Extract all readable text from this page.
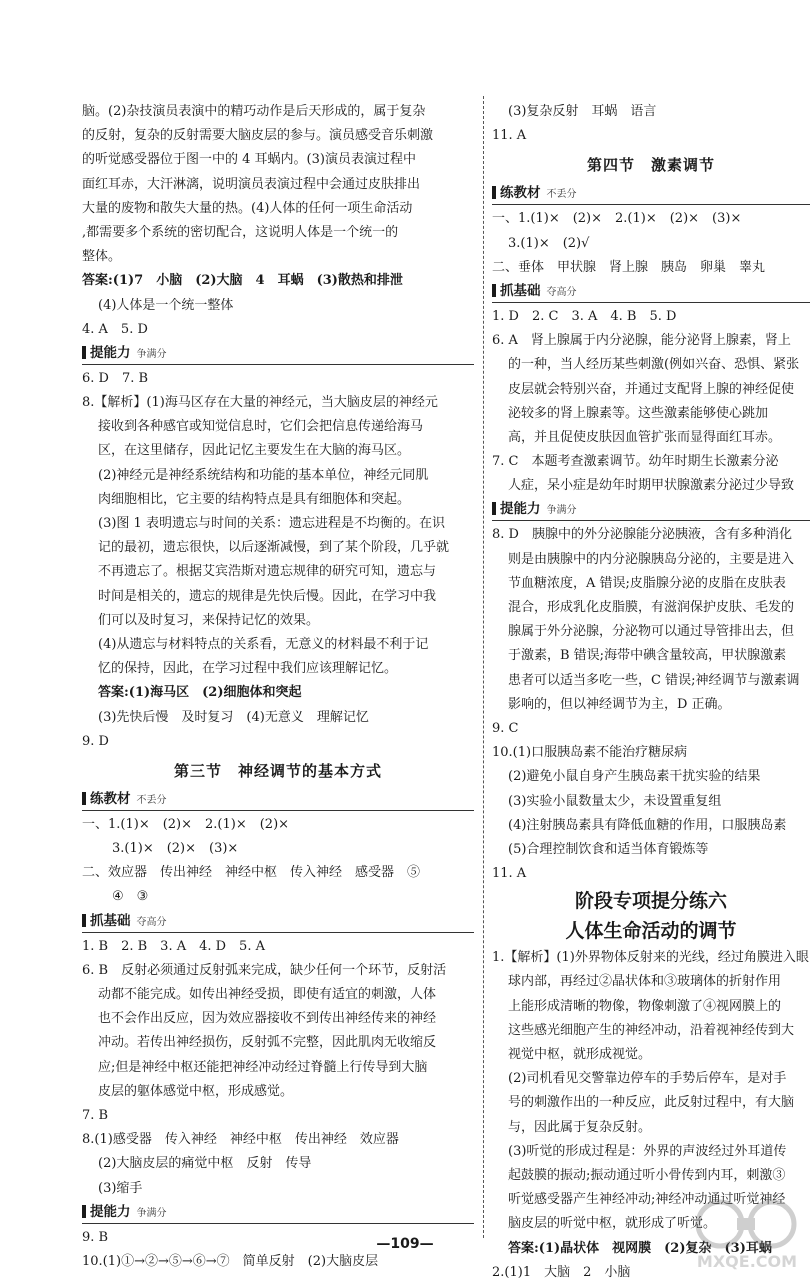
脑。(2)杂技演员表演中的精巧动作是后天形成的，属于复杂
的反射，复杂的反射需要大脑皮层的参与。演员感受音乐刺激
的听觉感受器位于图一中的 4 耳蜗内。(3)演员表演过程中
面红耳赤，大汗淋漓，说明演员表演过程中会通过皮肤排出
大量的废物和散失大量的热。(4)人体的任何一项生命活动
,都需要多个系统的密切配合，这说明人体是一个统一的
整体。
答案:(1)7　小脑　(2)大脑　4　耳蜗　(3)散热和排泄
(4)人体是一个统一整体
4. A　5. D
提能力 争满分
6. D　7. B
8.【解析】(1)海马区存在大量的神经元，当大脑皮层的神经元
接收到各种感官或知觉信息时，它们会把信息传递给海马
区，在这里储存，因此记忆主要发生在大脑的海马区。
(2)神经元是神经系统结构和功能的基本单位，神经元同肌
肉细胞相比，它主要的结构特点是具有细胞体和突起。
(3)图 1 表明遗忘与时间的关系：遗忘进程是不均衡的。在识
记的最初，遗忘很快，以后逐渐减慢，到了某个阶段，几乎就
不再遗忘了。根据艾宾浩斯对遗忘规律的研究可知，遗忘与
时间是相关的，遗忘的规律是先快后慢。因此，在学习中我
们可以及时复习，来保持记忆的效果。
(4)从遗忘与材料特点的关系看，无意义的材料最不利于记
忆的保持，因此，在学习过程中我们应该理解记忆。
答案:(1)海马区　(2)细胞体和突起
(3)先快后慢　及时复习　(4)无意义　理解记忆
9. D
第三节　神经调节的基本方式
练教材 不丢分
一、1.(1)×　(2)×　2.(1)×　(2)×
3.(1)×　(2)×　(3)×
二、效应器　传出神经　神经中枢　传入神经　感受器　⑤
④　③
抓基础 夺高分
1. B　2. B　3. A　4. D　5. A
6. B　反射必须通过反射弧来完成，缺少任何一个环节，反射活
动都不能完成。如传出神经受损，即使有适宜的刺激，人体
也不会作出反应，因为效应器接收不到传出神经传来的神经
冲动。若传出神经损伤，反射弧不完整，因此肌肉无收缩反
应;但是神经中枢还能把神经冲动经过脊髓上行传导到大脑
皮层的躯体感觉中枢，形成感觉。
7. B
8.(1)感受器　传入神经　神经中枢　传出神经　效应器
(2)大脑皮层的痛觉中枢　反射　传导
(3)缩手
提能力 争满分
9. B
10.(1)①→②→⑤→⑥→⑦　简单反射　(2)大脑皮层
(3)复杂反射　耳蜗　语言
11. A
第四节　激素调节
练教材 不丢分
一、1.(1)×　(2)×　2.(1)×　(2)×　(3)×
3.(1)×　(2)√
二、垂体　甲状腺　肾上腺　胰岛　卵巢　睾丸
抓基础 夺高分
1. D　2. C　3. A　4. B　5. D
6. A　肾上腺属于内分泌腺，能分泌肾上腺素，肾上
的一种，当人经历某些刺激(例如兴奋、恐惧、紧张
皮层就会特别兴奋，并通过支配肾上腺的神经促使
泌较多的肾上腺素等。这些激素能够使心跳加
高，并且促使皮肤因血管扩张而显得面红耳赤。
7. C　本题考查激素调节。幼年时期生长激素分泌
人症，呆小症是幼年时期甲状腺激素分泌过少导致
提能力 争满分
8. D　胰腺中的外分泌腺能分泌胰液，含有多种消化
则是由胰腺中的内分泌腺胰岛分泌的，主要是进入
节血糖浓度，A 错误;皮脂腺分泌的皮脂在皮肤表
混合，形成乳化皮脂膜，有滋润保护皮肤、毛发的
腺属于外分泌腺，分泌物可以通过导管排出去，但
于激素，B 错误;海带中碘含量较高，甲状腺激素
患者可以适当多吃一些，C 错误;神经调节与激素调
影响的，但以神经调节为主，D 正确。
9. C
10.(1)口服胰岛素不能治疗糖尿病
(2)避免小鼠自身产生胰岛素干扰实验的结果
(3)实验小鼠数量太少，未设置重复组
(4)注射胰岛素具有降低血糖的作用，口服胰岛素
(5)合理控制饮食和适当体育锻炼等
11. A
阶段专项提分练六
人体生命活动的调节
1.【解析】(1)外界物体反射来的光线，经过角膜进入眼
球内部，再经过②晶状体和③玻璃体的折射作用
上能形成清晰的物像，物像刺激了④视网膜上的
这些感光细胞产生的神经冲动，沿着视神经传到大
视觉中枢，就形成视觉。
(2)司机看见交警靠边停车的手势后停车，是对手
号的刺激作出的一种反应，此反射过程中，有大脑
与，因此属于复杂反射。
(3)听觉的形成过程是：外界的声波经过外耳道传
起鼓膜的振动;振动通过听小骨传到内耳，刺激③
听觉感受器产生神经冲动;神经冲动通过听觉神经
脑皮层的听觉中枢，就形成了听觉。
答案:(1)晶状体　视网膜　(2)复杂　(3)耳蜗
2.(1)1　大脑　2　小脑
—109—
MXQE.COM
